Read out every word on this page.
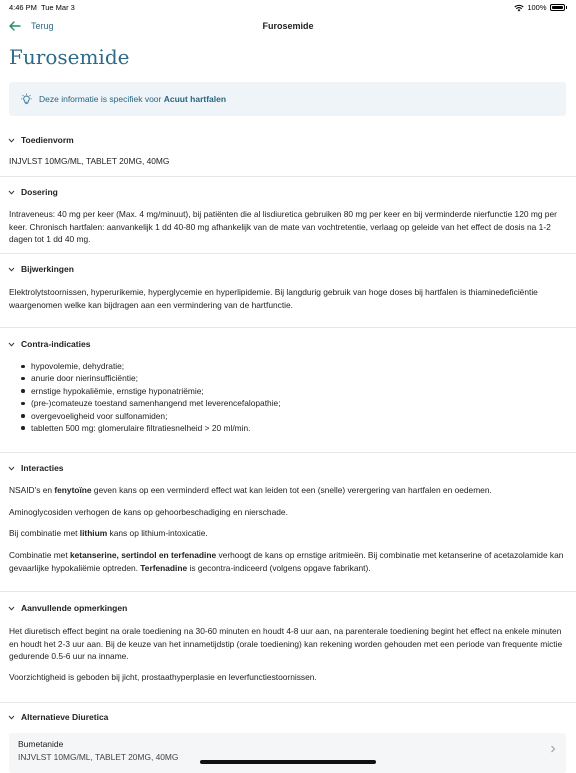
4:46 PM Tue Mar 3	100%
Terug	Furosemide
Furosemide
Deze informatie is specifiek voor Acuut hartfalen
Toedienvorm

INJVLST 10MG/ML, TABLET 20MG, 40MG

Dosering

Intraveneus: 40 mg per keer (Max. 4 mg/minuut), bij patiënten die al lisdiuretica gebruiken 80 mg per keer en bij verminderde nierfunctie 120 mg per keer. Chronisch hartfalen: aanvankelijk 1 dd 40-80 mg afhankelijk van de mate van vochtretentie, verlaag op geleide van het effect de dosis na 1-2 dagen tot 1 dd 40 mg.

Bijwerkingen

Elektrolytstoornissen, hyperurikemie, hyperglycemie en hyperlipidemie. Bij langdurig gebruik van hoge doses bij hartfalen is thiaminedeficiëntie waargenomen welke kan bijdragen aan een vermindering van de hartfunctie.

Contra-indicaties
hypovolemie, dehydratie;
anurie door nierinsufficiëntie;
ernstige hypokaliëmie, ernstige hyponatriëmie;
(pre-)comateuze toestand samenhangend met leverencefalopathie;
overgevoeligheid voor sulfonamiden;
tabletten 500 mg: glomerulaire filtratiesnelheid > 20 ml/min.
Interacties

NSAID's en fenytoïne geven kans op een verminderd effect wat kan leiden tot een (snelle) verergering van hartfalen en oedemen.

Aminoglycosiden verhogen de kans op gehoorbeschadiging en nierschade.

Bij combinatie met lithium kans op lithium-intoxicatie.

Combinatie met ketanserine, sertindol en terfenadine verhoogt de kans op ernstige aritmieën. Bij combinatie met ketanserine of acetazolamide kan gevaarlijke hypokaliëmie optreden. Terfenadine is gecontra-indiceerd (volgens opgave fabrikant).

Aanvullende opmerkingen

Het diuretisch effect begint na orale toediening na 30-60 minuten en houdt 4-8 uur aan, na parenterale toediening begint het effect na enkele minuten en houdt het 2-3 uur aan. Bij de keuze van het innametijdstip (orale toediening) kan rekening worden gehouden met een periode van frequente mictie gedurende 0.5-6 uur na inname.

Voorzichtigheid is geboden bij jicht, prostaathyperplasie en leverfunctiestoornissen.

Alternatieve Diuretica
Bumetanide
INJVLST 10MG/ML, TABLET 20MG, 40MG
